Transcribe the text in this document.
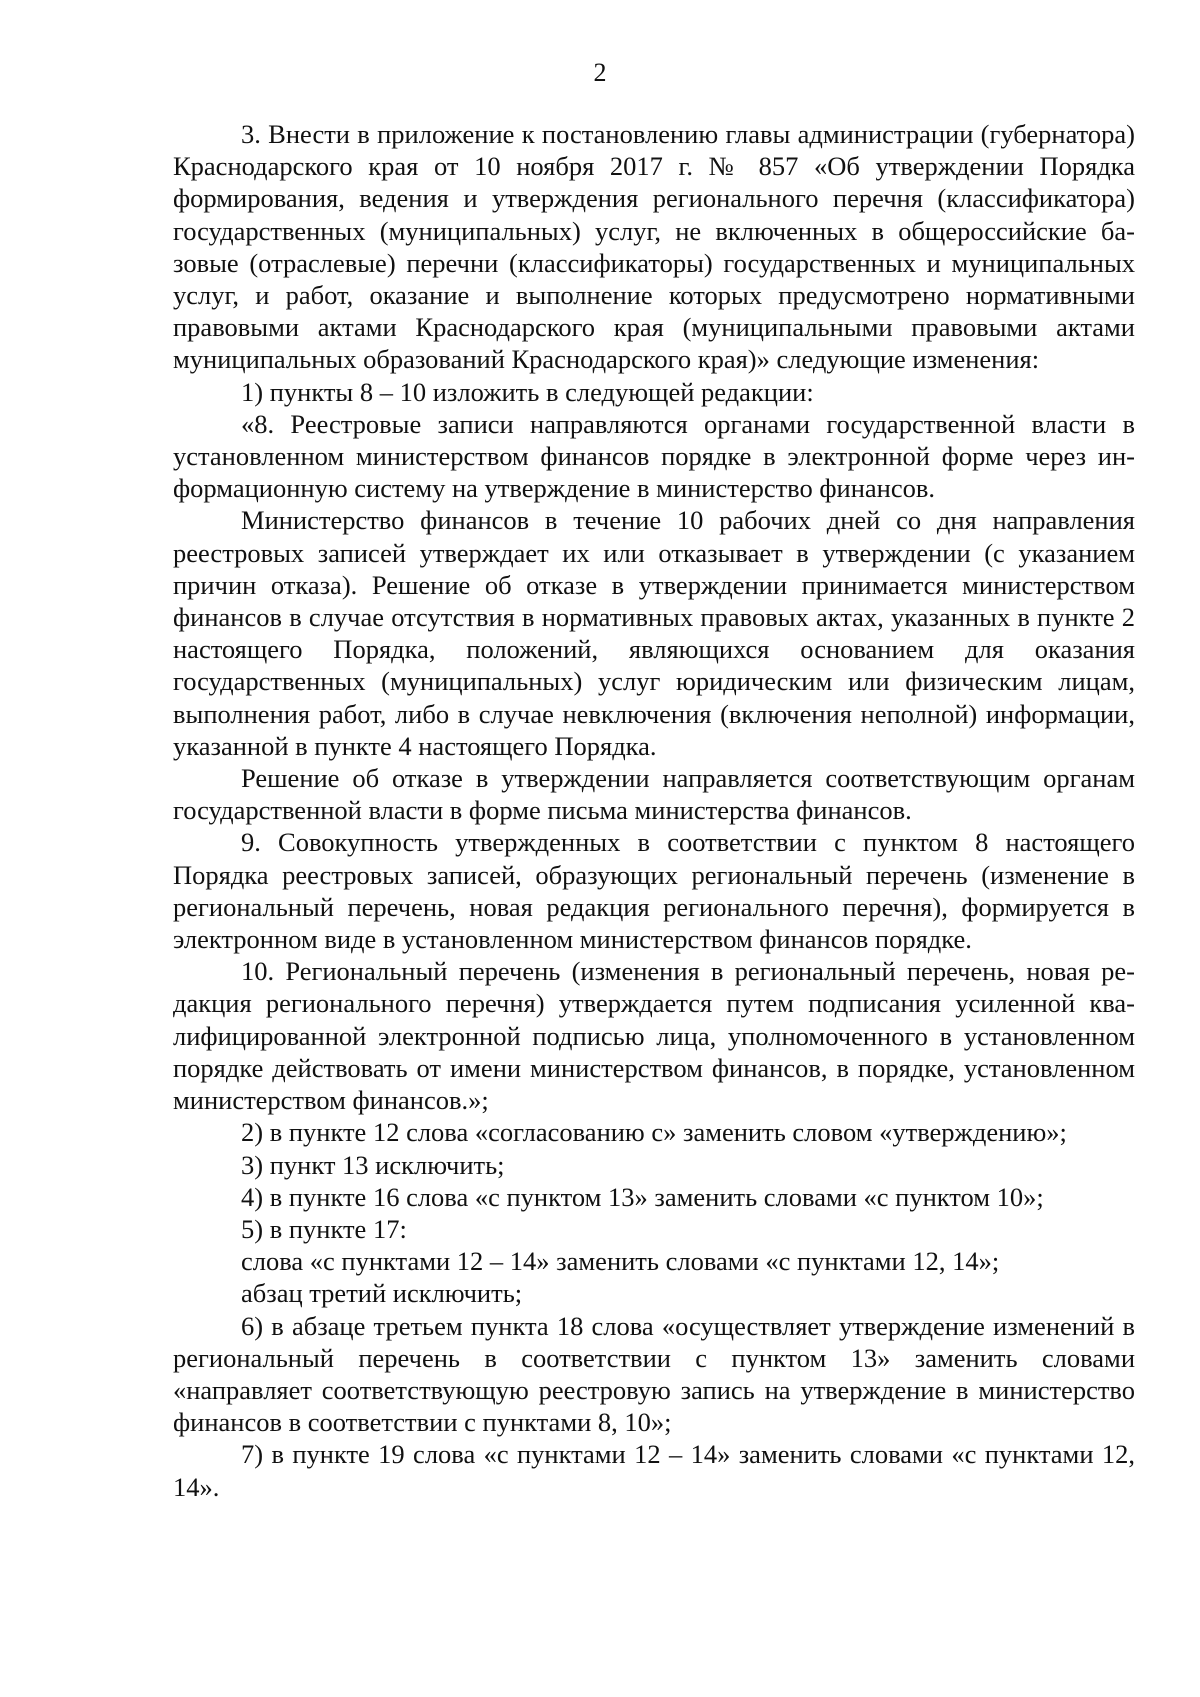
2

3. Внести в приложение к постановлению главы администрации (губернатора) Краснодарского края от 10 ноября 2017 г. № 857 «Об утверждении Порядка формирования, ведения и утверждения регионального перечня (классификатора) государственных (муниципальных) услуг, не включенных в общероссийские базовые (отраслевые) перечни (классификаторы) государственных и муниципальных услуг, и работ, оказание и выполнение которых предусмотрено нормативными правовыми актами Краснодарского края (муниципальными правовыми актами муниципальных образований Краснодарского края)» следующие изменения:

1) пункты 8 – 10 изложить в следующей редакции:

«8. Реестровые записи направляются органами государственной власти в установленном министерством финансов порядке в электронной форме через информационную систему на утверждение в министерство финансов.

Министерство финансов в течение 10 рабочих дней со дня направления реестровых записей утверждает их или отказывает в утверждении (с указанием причин отказа). Решение об отказе в утверждении принимается министерством финансов в случае отсутствия в нормативных правовых актах, указанных в пункте 2 настоящего Порядка, положений, являющихся основанием для оказания государственных (муниципальных) услуг юридическим или физическим лицам, выполнения работ, либо в случае невключения (включения неполной) информации, указанной в пункте 4 настоящего Порядка.

Решение об отказе в утверждении направляется соответствующим органам государственной власти в форме письма министерства финансов.

9. Совокупность утвержденных в соответствии с пунктом 8 настоящего Порядка реестровых записей, образующих региональный перечень (изменение в региональный перечень, новая редакция регионального перечня), формируется в электронном виде в установленном министерством финансов порядке.

10. Региональный перечень (изменения в региональный перечень, новая редакция регионального перечня) утверждается путем подписания усиленной квалифицированной электронной подписью лица, уполномоченного в установленном порядке действовать от имени министерством финансов, в порядке, установленном министерством финансов.»;

2) в пункте 12 слова «согласованию с» заменить словом «утверждению»;

3) пункт 13 исключить;

4) в пункте 16 слова «с пунктом 13» заменить словами «с пунктом 10»;

5) в пункте 17:

слова «с пунктами 12 – 14» заменить словами «с пунктами 12, 14»;

абзац третий исключить;

6) в абзаце третьем пункта 18 слова «осуществляет утверждение изменений в региональный перечень в соответствии с пунктом 13» заменить словами «направляет соответствующую реестровую запись на утверждение в министерство финансов в соответствии с пунктами 8, 10»;

7) в пункте 19 слова «с пунктами 12 – 14» заменить словами «с пунктами 12, 14».
